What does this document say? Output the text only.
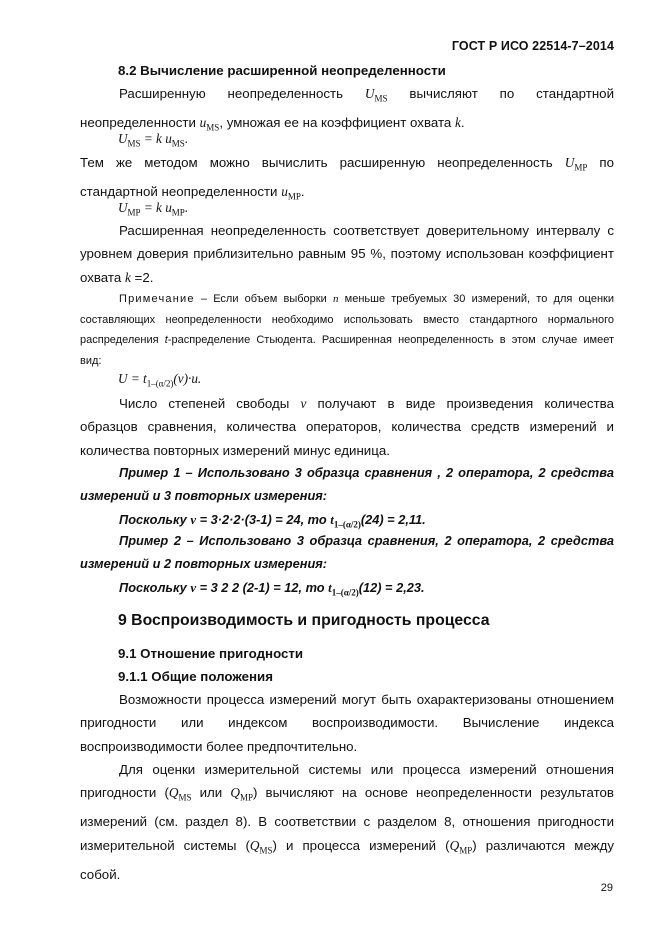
ГОСТ Р ИСО 22514-7–2014
8.2 Вычисление расширенной неопределенности
Расширенную неопределенность $U_{MS}$ вычисляют по стандартной
неопределенности $u_{MS}$, умножая ее на коэффициент охвата k.
$U_{MS} = k$ $u_{MS}$.
Тем же методом можно вычислить расширенную неопределенность $U_{MP}$ по
стандартной неопределенности $u_{MP}$.
$U_{MP} = k$ $u_{MP}$.
Расширенная неопределенность соответствует доверительному интервалу с
уровнем доверия приблизительно равным 95 %, поэтому использован коэффициент
охвата k =2.
Примечание – Если объем выборки n меньше требуемых 30 измерений, то для оценки
составляющих неопределенности необходимо использовать вместо стандартного нормального
распределения t-распределение Стьюдента. Расширенная неопределенность в этом случае имеет
вид:
$U = t_{1-(\alpha/2)}(\nu)\cdot u$.
Число степеней свободы ν получают в виде произведения количества
образцов сравнения, количества операторов, количества средств измерений и
количества повторных измерений минус единица.
Пример 1 – Использовано 3 образца сравнения , 2 оператора, 2 средства
измерений и 3 повторных измерения:
Поскольку ν = 3·2·2·(3-1) = 24, то $t_{1-(\alpha/2)}(24) = 2,11$.
Пример 2 – Использовано 3 образца сравнения, 2 оператора, 2 средства
измерений и 2 повторных измерения:
Поскольку ν = 3 2 2 (2-1) = 12, то $t_{1-(\alpha/2)}(12) = 2,23$.
9 Воспроизводимость и пригодность процесса
9.1 Отношение пригодности
9.1.1 Общие положения
Возможности процесса измерений могут быть охарактеризованы отношением
пригодности или индексом воспроизводимости. Вычисление индекса
воспроизводимости более предпочтительно.
Для оценки измерительной системы или процесса измерений отношения
пригодности ($Q_{MS}$ или $Q_{MP}$) вычисляют на основе неопределенности результатов
измерений (см. раздел 8). В соответствии с разделом 8, отношения пригодности
измерительной системы $(Q_{MS})$ и процесса измерений $(Q_{MP})$ различаются между
собой.
29
